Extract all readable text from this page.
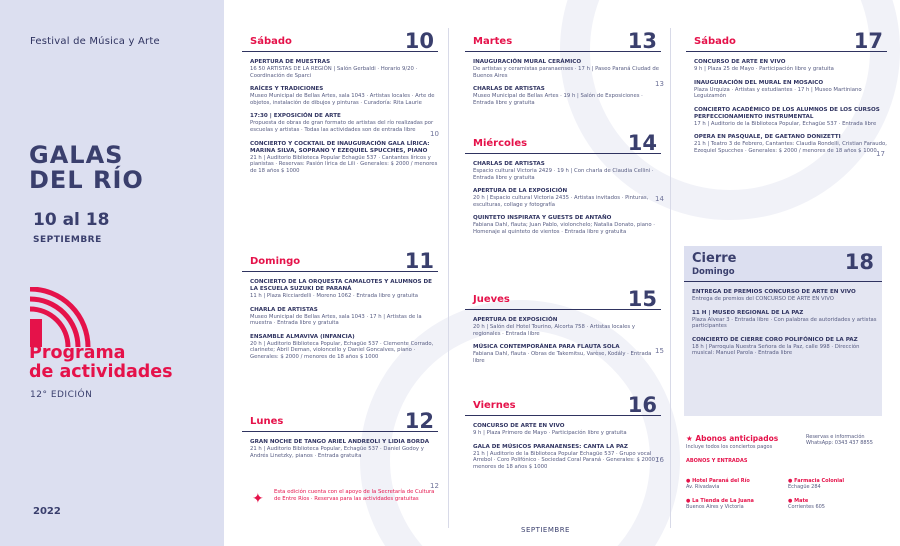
Festival de Música y Arte
GALAS
DEL RÍO
10 al 18
SEPTIEMBRE
Programa
de actividades
12° EDICIÓN
2022
Sábado	10
APERTURA DE MUESTRAS
16 50 ARTISTAS DE LA REGIÓN | Salón Gerbaldi · Horario 9/20 · Coordinación de Sparci
RAÍCES Y TRADICIONES
Museo Municipal de Bellas Artes, sala 1043 · Artistas locales · Arte de objetos, instalación de dibujos y pinturas · Curadoría: Rita Laurie
17:30 | EXPOSICIÓN DE ARTE
Propuesta de obras de gran formato de artistas del río realizadas por escuelas y artistas · Todas las actividades son de entrada libre
CONCIERTO Y COCKTAIL DE INAUGURACIÓN GALA LÍRICA: MARINA SILVA, SOPRANO Y EZEQUIEL SPUCCHES, PIANO
21 h | Auditorio Biblioteca Popular Echagüe 537 · Cantantes líricos y pianistas · Reservas: Pasión lírica de Lili · Generales: $ 2000 / menores de 18 años $ 1000
10
Domingo	11
CONCIERTO DE LA ORQUESTA CAMALOTES Y ALUMNOS DE LA ESCUELA SUZUKI DE PARANÁ
11 h | Plaza Ricciardelli · Moreno 1062 · Entrada libre y gratuita
CHARLA DE ARTISTAS
Museo Municipal de Bellas Artes, sala 1043 · 17 h | Artistas de la muestra · Entrada libre y gratuita
ENSAMBLE ALMAVIVA (INFANCIA)
20 h | Auditorio Biblioteca Popular, Echagüe 537 · Clemente Corrado, clarinete; Abril Deman, violoncello y Daniel Goncalves, piano · Generales: $ 2000 / menores de 18 años $ 1000
Lunes	12
GRAN NOCHE DE TANGO ARIEL ANDREOLI Y LIDIA BORDA
21 h | Auditorio Biblioteca Popular, Echagüe 537 · Daniel Godoy y Andrés Linetzky, pianos · Entrada gratuita
12
✦ Esta edición cuenta con el apoyo de la Secretaría de Cultura de Entre Ríos · Reservas para las actividades gratuitas
Martes	13
INAUGURACIÓN MURAL CERÁMICO
De artistas y ceramistas paranaenses · 17 h | Paseo Paraná Ciudad de Buenos Aires
CHARLAS DE ARTISTAS
Museo Municipal de Bellas Artes · 19 h | Salón de Exposiciones · Entrada libre y gratuita
13
Miércoles	14
CHARLAS DE ARTISTAS
Espacio cultural Victoria 2429 · 19 h | Con charla de Claudia Cellini · Entrada libre y gratuita
APERTURA DE LA EXPOSICIÓN
20 h | Espacio cultural Victoria 2435 · Artistas invitados · Pinturas, esculturas, collage y fotografía
QUINTETO INSPIRATA Y GUESTS DE ANTAÑO
Fabiana Dahl, flauta; Juan Pablo, violonchelo; Natalia Donato, piano · Homenaje al quinteto de vientos · Entrada libre y gratuita
14
Jueves	15
APERTURA DE EXPOSICIÓN
20 h | Salón del Hotel Tourino, Alcorta 758 · Artistas locales y regionales · Entrada libre
MÚSICA CONTEMPORÁNEA PARA FLAUTA SOLA
Fabiana Dahl, flauta · Obras de Takemitsu, Varèse, Kodály · Entrada libre
15
Viernes	16
CONCURSO DE ARTE EN VIVO
9 h | Plaza Primero de Mayo · Participación libre y gratuita
GALA DE MÚSICOS PARANAENSES: CANTA LA PAZ
21 h | Auditorio de la Biblioteca Popular Echagüe 537 · Grupo vocal Arrebol · Coro Polifónico · Sociedad Coral Paraná · Generales: $ 2000 / menores de 18 años $ 1000
16
SEPTIEMBRE
Sábado	17
CONCURSO DE ARTE EN VIVO
9 h | Plaza 25 de Mayo · Participación libre y gratuita
INAUGURACIÓN DEL MURAL EN MOSAICO
Plaza Urquiza · Artistas y estudiantes · 17 h | Museo Martiniano Leguizamón
CONCIERTO ACADÉMICO DE LOS ALUMNOS DE LOS CURSOS PERFECCIONAMIENTO INSTRUMENTAL
17 h | Auditorio de la Biblioteca Popular, Echagüe 537 · Entrada libre
OPERA EN PASQUALE, DE GAETANO DONIZETTI
21 h | Teatro 3 de Febrero, Cantantes: Claudia Rondelli, Cristian Faraudo, Ezequiel Spucches · Generales: $ 2000 / menores de 18 años $ 1000 17
Cierre
Domingo	18
ENTREGA DE PREMIOS CONCURSO DE ARTE EN VIVO
Entrega de premios del CONCURSO DE ARTE EN VIVO
11 H | MUSEO REGIONAL DE LA PAZ
Plaza Alvear 3 · Entrada libre · Con palabras de autoridades y artistas participantes
CONCIERTO DE CIERRE CORO POLIFÓNICO DE LA PAZ
18 h | Parroquia Nuestra Señora de la Paz, calle 998 · Dirección musical: Manuel Parola · Entrada libre
★ Abonos anticipados
Incluye todos los conciertos pagos
Reservas e información WhatsApp: 0343 437 8855
ABONOS Y ENTRADAS
● Hotel Paraná del Río
Av. Rivadavia
● Farmacia Colonial
Echagüe 284
● La Tienda de La Juana
Buenos Aires y Victoria
● Mate
Corrientes 605
